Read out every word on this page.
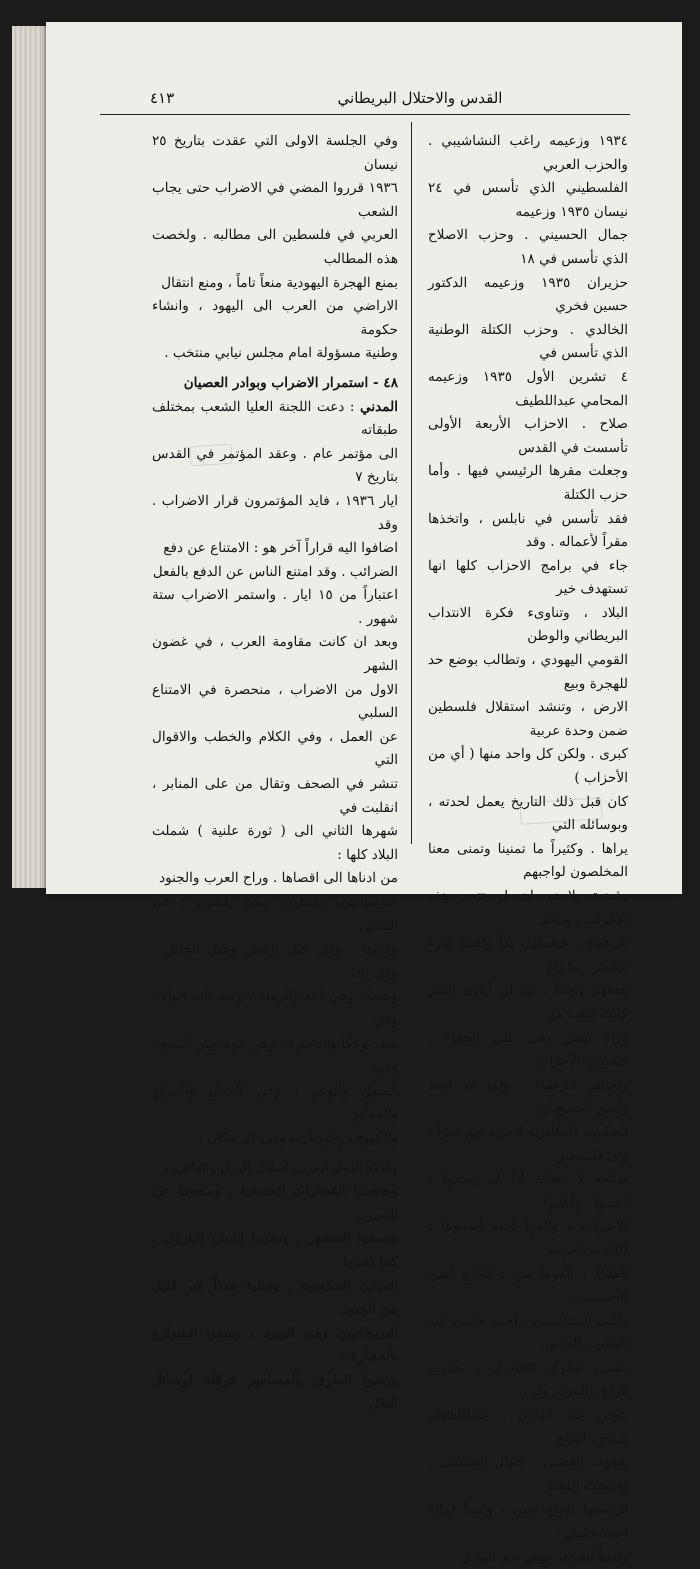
القدس والاحتلال البريطاني
٤١٣

١٩٣٤ وزعيمه راغب النشاشيبي . والحزب العربي

الفلسطيني الذي تأسس في ٢٤ نيسان ١٩٣٥ وزعيمه

جمال الحسيني . وحزب الاصلاح الذي تأسس في ١٨

حزيران ١٩٣٥ وزعيمه الدكتور حسين فخري

الخالدي . وحزب الكتلة الوطنية الذي تأسس في

٤ تشرين الأول ١٩٣٥ وزعيمه المحامي عبداللطيف

صلاح . الاحزاب الأربعة الأولى تأسست في القدس

وجعلت مقرها الرئيسي فيها . وأما حزب الكتلة

فقد تأسس في نابلس ، واتخذها مقراً لأعماله . وقد

جاء في برامج الاحزاب كلها انها تستهدف خير

البلاد ، وتناوىء فكرة الانتداب البريطاني والوطن

القومي اليهودي ، وتطالب بوضع حد للهجرة وبيع

الارض ، وتنشد استقلال فلسطين ضمن وحدة عربية

كبرى . ولكن كل واحد منها ( أي من الأحزاب )

كان قبل ذلك التاريخ يعمل لحدته ، وبوسائله التي

يراها . وكثيراً ما تمنينا وتمنى معنا المخلصون لواجبهم

وقضية بلادهم ان لو تتحد هذه الأحزاب ، ويتحد

الزعماء ، فيعملون يداً واحدة لدرء الخطر . ما دام

هدفهم واحداً . بيد ان أيادي الشر كانت تلعب من

وراء ستار وفي طي الخفاء . فتعددت الأحزاب

واختلف الزعماء . ولما جد الجد وأيقن الجميع ان

الحكومة الانكليزية لا تريد بهم خيراً ، وان فلسطين

ضائعة لا محالة اذا لم يتحدوا ، اتحدوا . وأعلنوا

الاضراب ، والفوا لجنة أسموها : (اللجنة العربية

العليا) . الفوها من : الحاج أمين الحسيني ،

راغب النشاشيبي ، احمد حلمي عبد الباقي ، الدكتور

حسين فخري الخالدي ، يعقوب فراج ، ألفرد روك ،

عوني عبد الهادي ، عبداللطيف صلاح ، الحاج

يعقوب الغصين ، جمال الحسيني . وانتخبت اللجنة

لرئاستها الحاج امين ، واميناً لماله احمد حلمي ،

واميناً لسرها عوني عبد الهادي .

وفي الجلسة الاولى التي عقدت بتاريخ ٢٥ نيسان

١٩٣٦ قرروا المضي في الاضراب حتى يجاب الشعب

العربي في فلسطين الى مطالبه . ولخصت هذه المطالب

بمنع الهجرة اليهودية منعاً تاماً ، ومنع انتقال

الاراضي من العرب الى اليهود ، وانشاء حكومة

وطنية مسؤولة امام مجلس نيابي منتخب .

٤٨ - استمرار الاضراب وبوادر العصيان

المدني : دعت اللجنة العليا الشعب بمختلف طبقاته

الى مؤتمر عام . وعقد المؤتمر في القدس بتاريخ ٧

ايار ١٩٣٦ ، فايد المؤتمرون قرار الاضراب . وقد

اضافوا اليه قراراً آخر هو : الامتناع عن دفع

الضرائب . وقد امتنع الناس عن الدفع بالفعل

اعتباراً من ١٥ ايار . واستمر الاضراب ستة شهور .

وبعد ان كانت مقاومة العرب ، في غضون الشهر

الاول من الاضراب ، منحصرة في الامتناع السلبي

عن العمل ، وفي الكلام والخطب والاقوال التي

تنشر في الصحف وتقال من على المنابر ، انقلبت في

شهرها الثاني الى ( ثورة علنية ) شملت البلاد كلها :

من ادناها الى اقصاها . وراح العرب والجنود

البريطانيون يقتتلون حيثما يلتقون : في القدس

وقراها ، وفي جبل نابلس وجبل الخليل ، وفي يافا

وحيفا ، وفي اللد والرملة ، وعند باب الواد ، وفي

صفد وعكا والناصرة ، وفي غزة وبئر السبع ، وفي

السهل والوعر ، وفي الجبال والحراج والمغاور

والكهوف والوديان ، وفي كل مكان .

وقطع الثوار العرب اسلاك البرق والهاتف ،

وهاجموا القطارات الحديدية ، ومنعوها عن السير .

ونسفوا الجسور ، ودمروا انابيب البترول . كما دمروا

المباني الحكومية . وقتلوا عدداً غير قليل من الجنود

البريطانيين ومن اليهود . وسدوا الشوارع بالحجارة .

ورشوا الطرق بالمسامير عرقلة لوسائل النقل
